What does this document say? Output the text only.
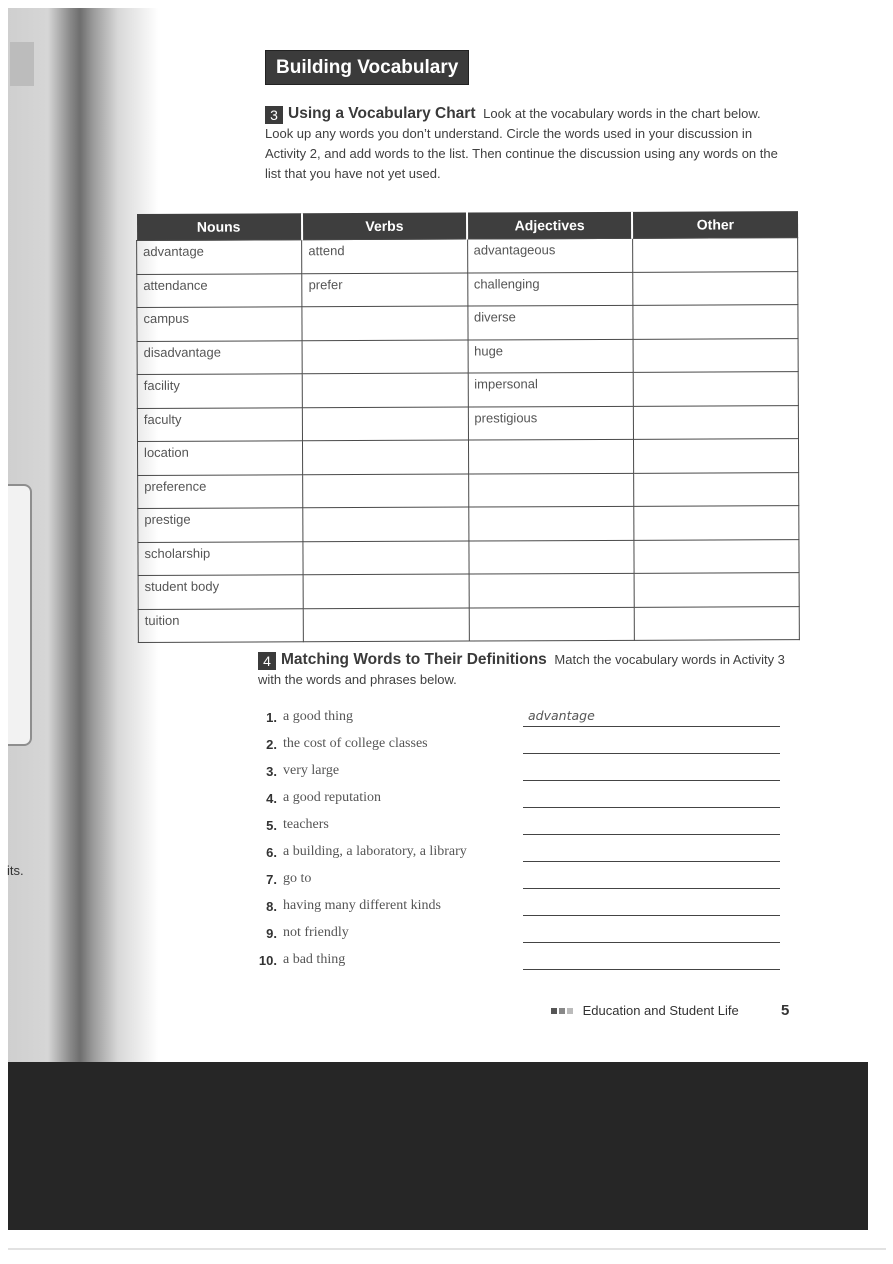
its.
Building Vocabulary
3 Using a Vocabulary Chart Look at the vocabulary words in the chart below. Look up any words you don’t understand. Circle the words used in your discussion in Activity 2, and add words to the list. Then continue the discussion using any words on the list that you have not yet used.
Nouns	Verbs	Adjectives	Other
advantage	attend	advantageous	
attendance	prefer	challenging	
campus		diverse	
disadvantage		huge	
facility		impersonal	
faculty		prestigious	
location			
preference			
prestige			
scholarship			
student body			
tuition			
4 Matching Words to Their Definitions Match the vocabulary words in Activity 3 with the words and phrases below.
1. a good thing	advantage
2. the cost of college classes
3. very large
4. a good reputation
5. teachers
6. a building, a laboratory, a library
7. go to
8. having many different kinds
9. not friendly
10. a bad thing
Education and Student Life	5
